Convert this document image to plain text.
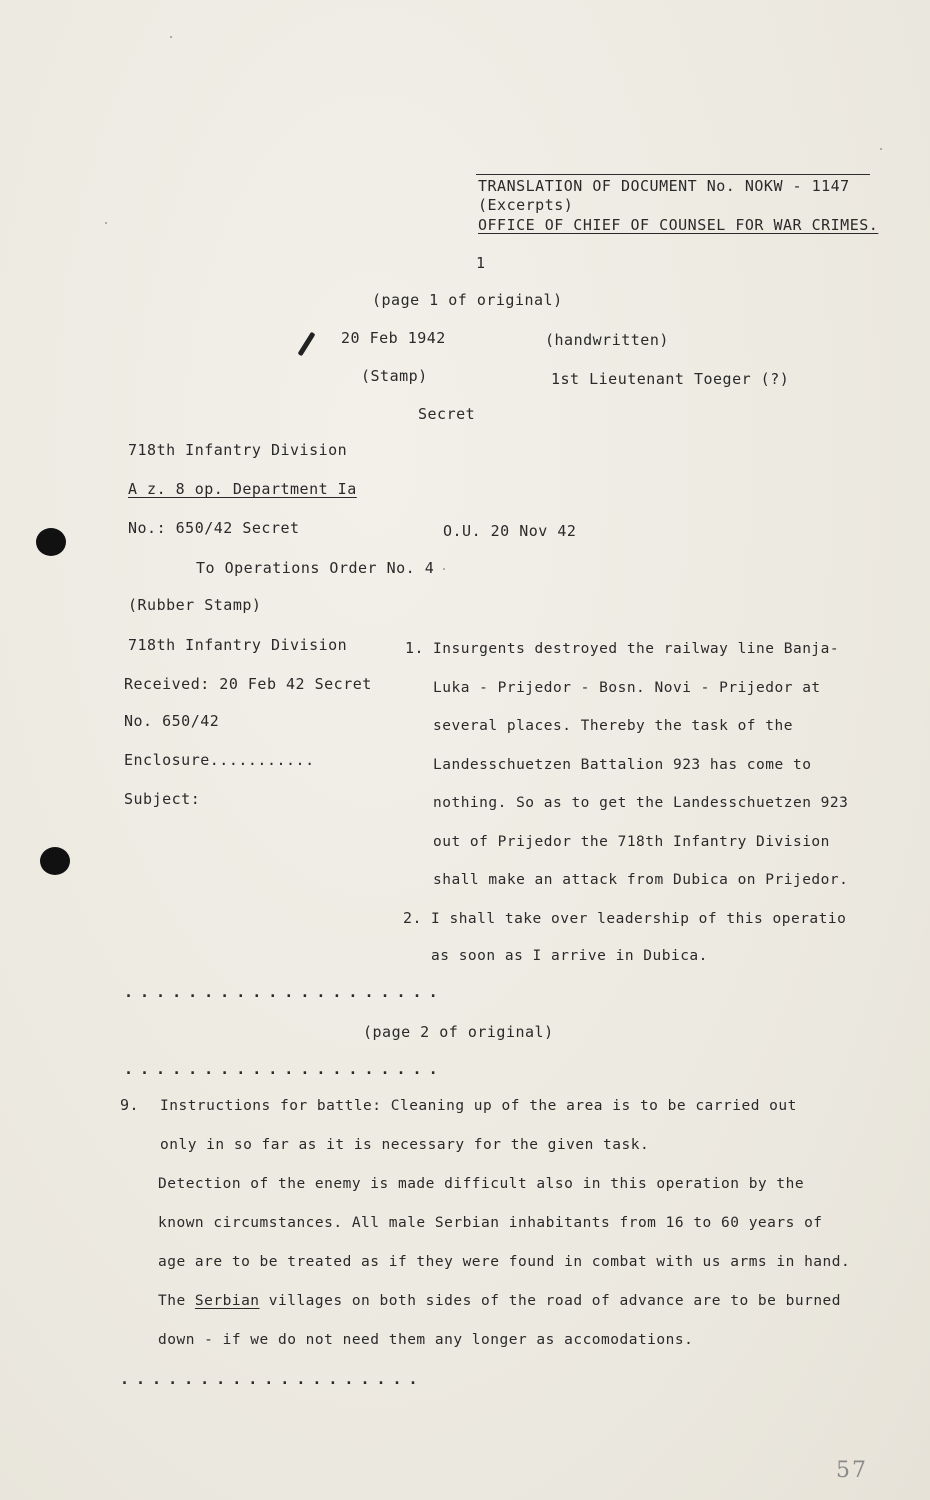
TRANSLATION OF DOCUMENT No. NOKW - 1147
(Excerpts)
OFFICE OF CHIEF OF COUNSEL FOR WAR CRIMES.
1
(page 1 of original)
20 Feb 1942	(handwritten)
(Stamp)	1st Lieutenant Toeger (?)
Secret
718th Infantry Division
A z. 8 op. Department Ia
No.: 650/42 Secret	O.U. 20 Nov 42
To Operations Order No. 4
(Rubber Stamp)
718th Infantry Division
Received: 20 Feb 42 Secret
No. 650/42
Enclosure...........
Subject:
1. Insurgents destroyed the railway line Banja-
Luka - Prijedor - Bosn. Novi - Prijedor at
several places. Thereby the task of the
Landesschuetzen Battalion 923 has come to
nothing. So as to get the Landesschuetzen 923
out of Prijedor the 718th Infantry Division
shall make an attack from Dubica on Prijedor.
2. I shall take over leadership of this operatio
as soon as I arrive in Dubica.
....................
(page 2 of original)
....................
9. Instructions for battle: Cleaning up of the area is to be carried out
only in so far as it is necessary for the given task.
Detection of the enemy is made difficult also in this operation by the
known circumstances. All male Serbian inhabitants from 16 to 60 years of
age are to be treated as if they were found in combat with us arms in hand.
The Serbian villages on both sides of the road of advance are to be burned
down - if we do not need them any longer as accomodations.
...................
57
